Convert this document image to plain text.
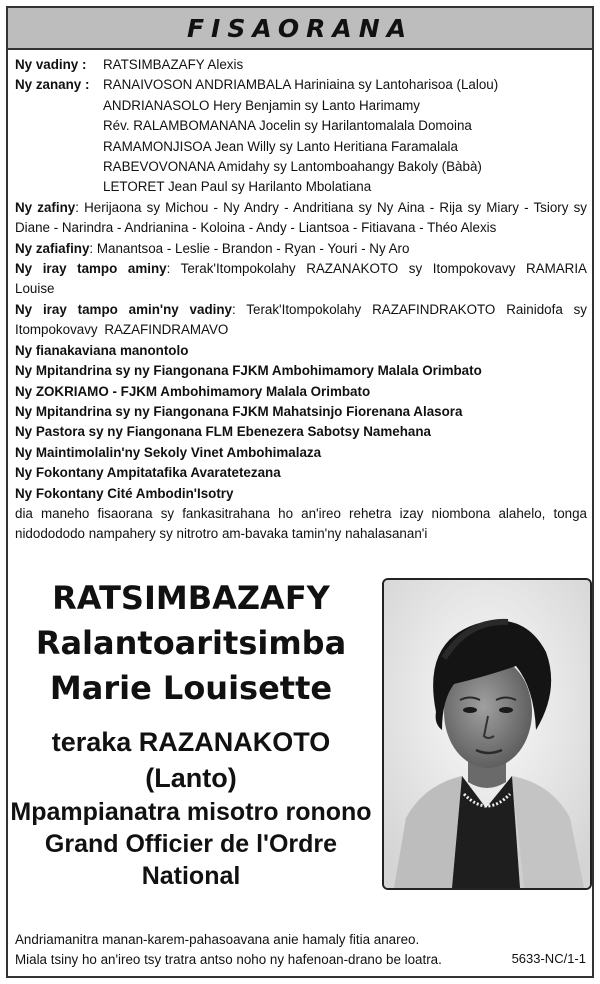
FISAORANA
Ny vadiny :	RATSIMBAZAFY Alexis
Ny zanany :	RANAIVOSON ANDRIAMBALA Hariniaina sy Lantoharisoa (Lalou)
ANDRIANASOLO Hery Benjamin sy Lanto Harimamy
Rév. RALAMBOMANANA Jocelin sy Harilantomalala Domoina
RAMAMONJISOA Jean Willy sy Lanto Heritiana Faramalala
RABEVOVONANA Amidahy sy Lantomboahangy Bakoly (Bàbà)
LETORET Jean Paul sy Harilanto Mbolatiana
Ny zafiny: Herijaona sy Michou - Ny Andry - Andritiana sy Ny Aina - Rija sy Miary - Tsiory sy Diane - Narindra - Andrianina - Koloina - Andy - Liantsoa - Fitiavana - Théo Alexis
Ny zafiafiny: Manantsoa - Leslie - Brandon - Ryan - Youri - Ny Aro
Ny iray tampo aminy: Terak'Itompokolahy RAZANAKOTO sy Itompokovavy RAMARIA Louise
Ny iray tampo amin'ny vadiny: Terak'Itompokolahy RAZAFINDRAKOTO Rainidofa sy Itompokovavy RAZAFINDRAMAVO
Ny fianakaviana manontolo
Ny Mpitandrina sy ny Fiangonana FJKM Ambohimamory Malala Orimbato
Ny ZOKRIAMO - FJKM Ambohimamory Malala Orimbato
Ny Mpitandrina sy ny Fiangonana FJKM Mahatsinjo Fiorenana Alasora
Ny Pastora sy ny Fiangonana FLM Ebenezera Sabotsy Namehana
Ny Maintimolalin'ny Sekoly Vinet Ambohimalaza
Ny Fokontany Ampitatafika Avaratetezana
Ny Fokontany Cité Ambodin'Isotry
dia maneho fisaorana sy fankasitrahana ho an'ireo rehetra izay niombona alahelo, tonga nidodododo nampahery sy nitrotro am-bavaka tamin'ny nahalasanan'i
RATSIMBAZAFY
Ralantoaritsimba
Marie Louisette
teraka RAZANAKOTO
(Lanto)
Mpampianatra misotro ronono
Grand Officier de l'Ordre
National
Andriamanitra manan-karem-pahasoavana anie hamaly fitia anareo.
Miala tsiny ho an'ireo tsy tratra antso noho ny hafenoan-drano be loatra.	5633-NC/1-1
